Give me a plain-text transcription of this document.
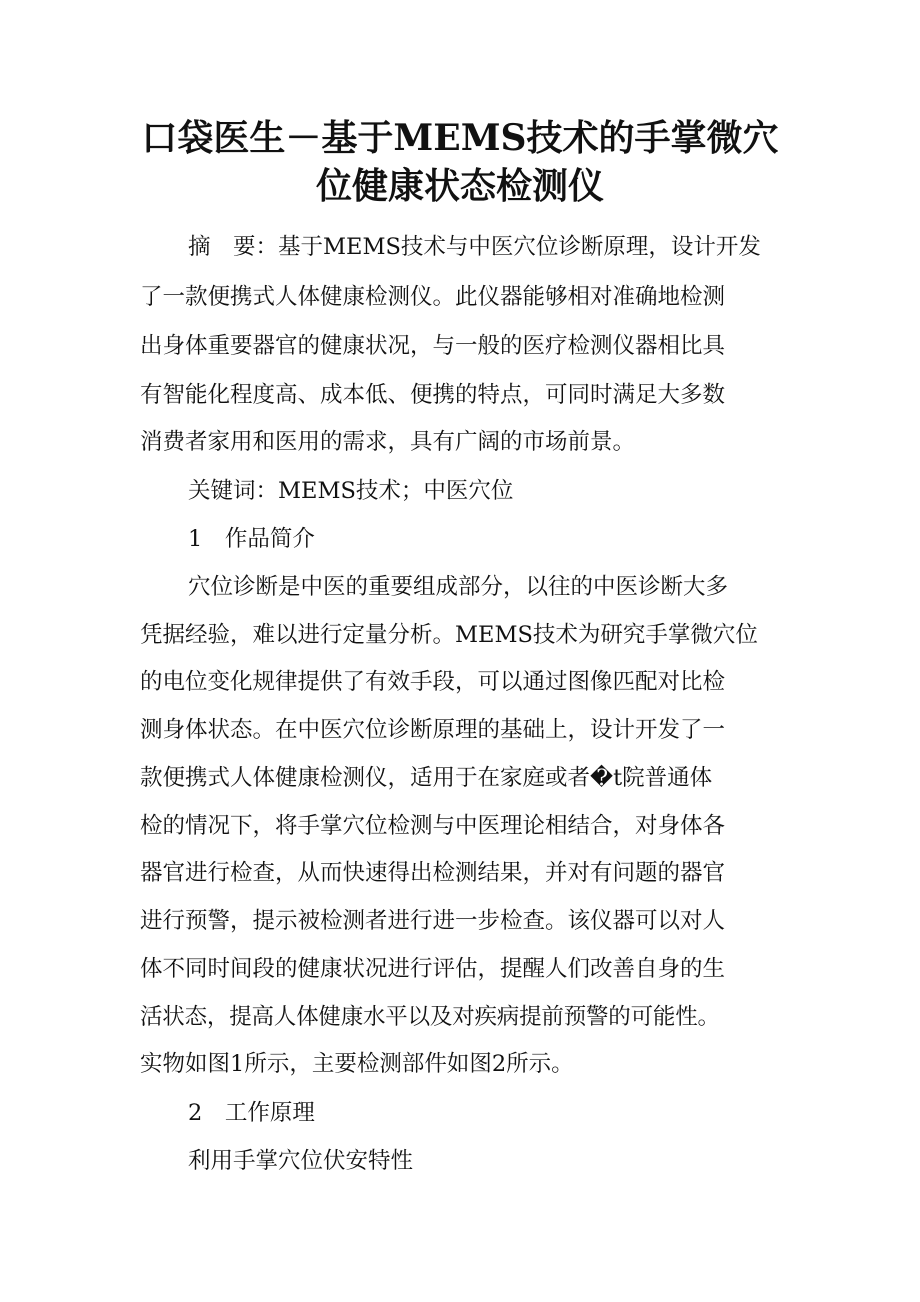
口袋医生－基于MEMS技术的手掌微穴
位健康状态检测仪

摘　要：基于MEMS技术与中医穴位诊断原理，设计开发

了一款便携式人体健康检测仪。此仪器能够相对准确地检测

出身体重要器官的健康状况，与一般的医疗检测仪器相比具

有智能化程度高、成本低、便携的特点，可同时满足大多数

消费者家用和医用的需求，具有广阔的市场前景。

关键词：MEMS技术；中医穴位

1　作品简介

穴位诊断是中医的重要组成部分，以往的中医诊断大多

凭据经验，难以进行定量分析。MEMS技术为研究手掌微穴位

的电位变化规律提供了有效手段，可以通过图像匹配对比检

测身体状态。在中医穴位诊断原理的基础上，设计开发了一

款便携式人体健康检测仪，适用于在家庭或者�t院普通体

检的情况下，将手掌穴位检测与中医理论相结合，对身体各

器官进行检查，从而快速得出检测结果，并对有问题的器官

进行预警，提示被检测者进行进一步检查。该仪器可以对人

体不同时间段的健康状况进行评估，提醒人们改善自身的生

活状态，提高人体健康水平以及对疾病提前预警的可能性。

实物如图1所示，主要检测部件如图2所示。

2　工作原理

利用手掌穴位伏安特性
